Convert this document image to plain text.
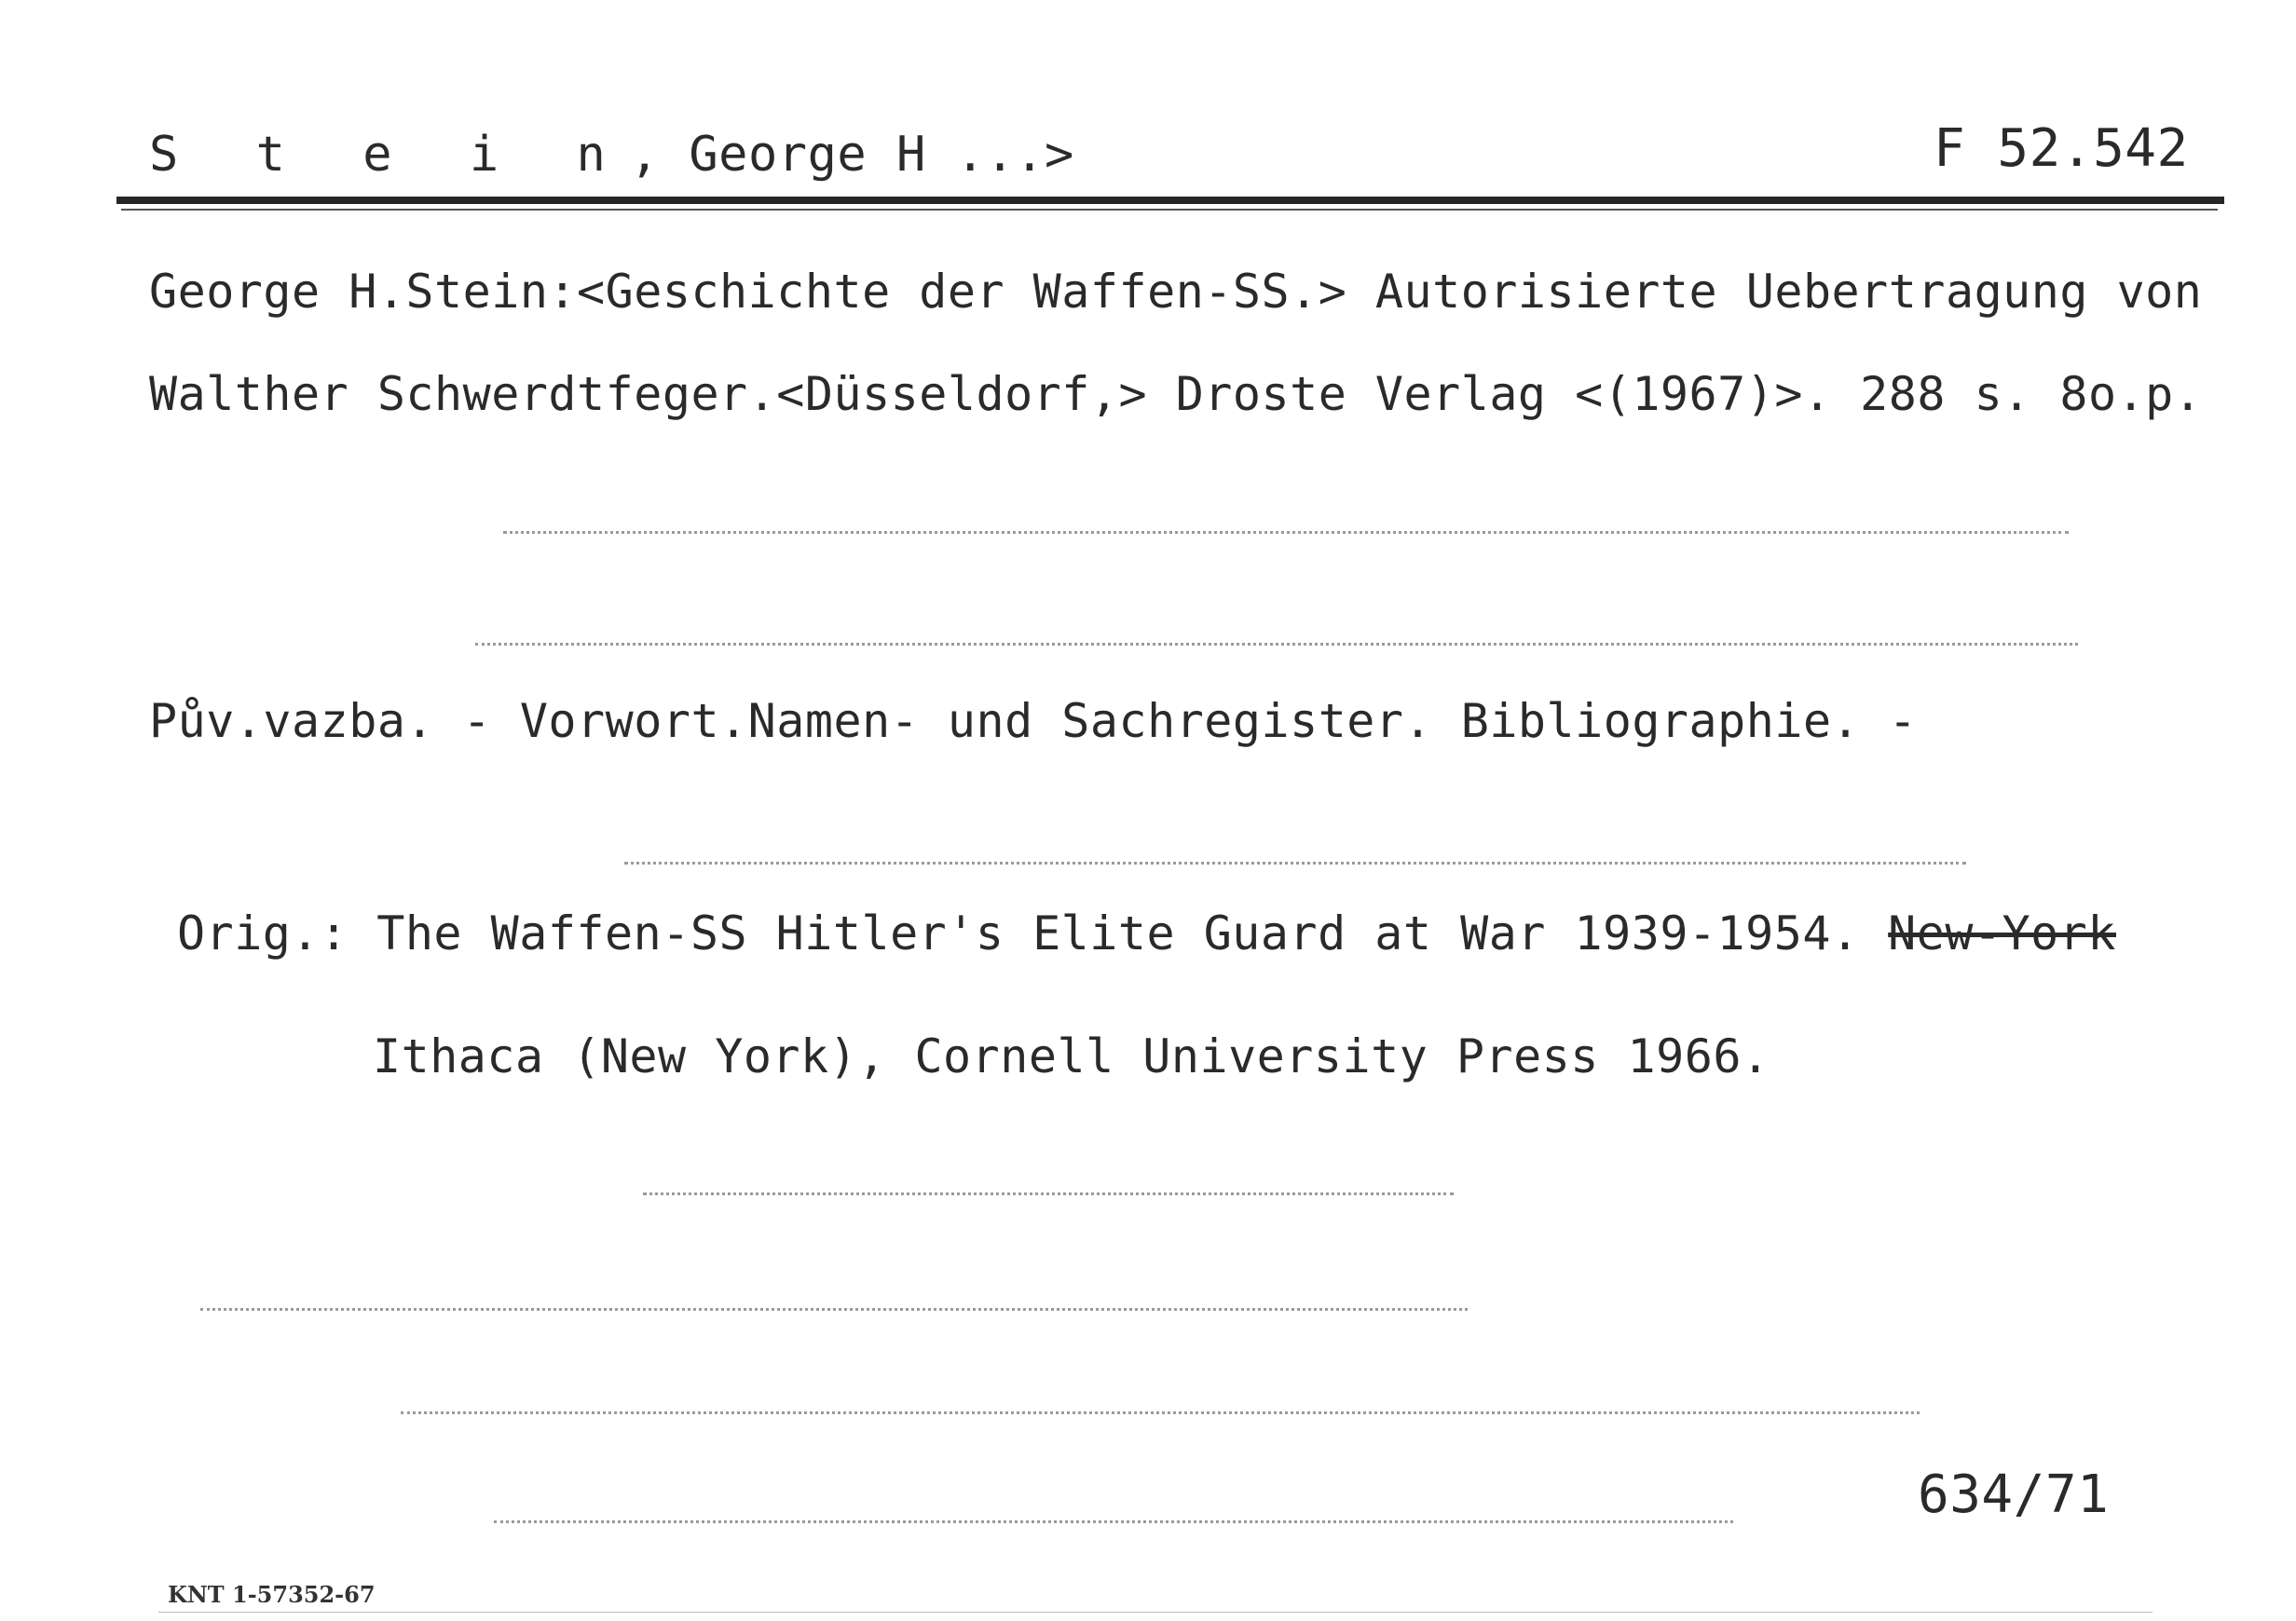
S t e i n, George H ...>	F 52.542
George H.Stein:<Geschichte der Waffen-SS.> Autorisierte Uebertragung von
Walther Schwerdtfeger.<Düsseldorf,> Droste Verlag <(1967)>. 288 s. 8o.p.
Pův.vazba. - Vorwort.Namen- und Sachregister. Bibliographie. -
Orig.: The Waffen-SS Hitler's Elite Guard at War 1939-1954. New-York
Ithaca (New York), Cornell University Press 1966.
634/71
KNT 1-57352-67
